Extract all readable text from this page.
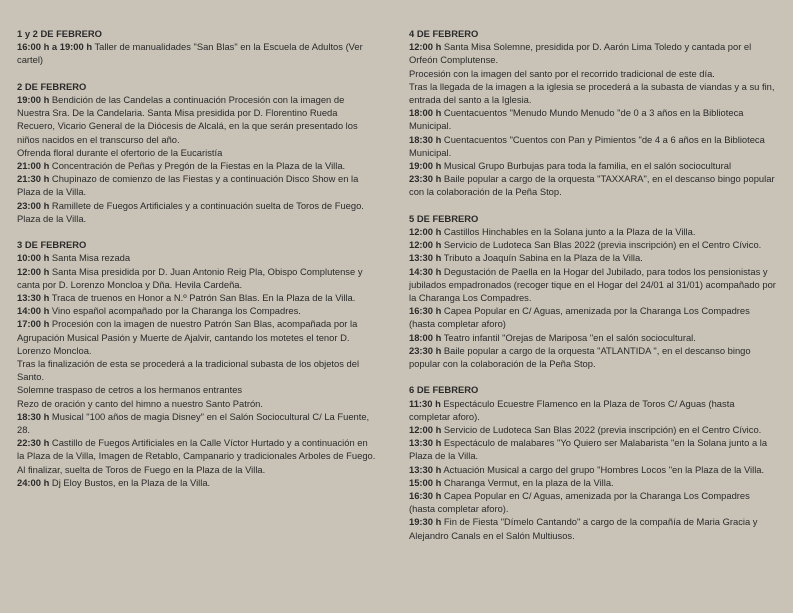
1 y 2 DE FEBRERO
16:00 h a 19:00 h Taller de manualidades "San Blas" en la Escuela de Adultos (Ver cartel)
2 DE FEBRERO
19:00 h Bendición de las Candelas a continuación Procesión con la imagen de Nuestra Sra. De la Candelaria. Santa Misa presidida por D. Florentino Rueda Recuero, Vicario General de la Diócesis de Alcalá, en la que serán presentado los niños nacidos en el transcurso del año.
Ofrenda floral durante el ofertorio de la Eucaristía
21:00 h Concentración de Peñas y Pregón de la Fiestas en la Plaza de la Villa.
21:30 h Chupinazo de comienzo de las Fiestas y a continuación Disco Show en la Plaza de la Villa.
23:00 h Ramillete de Fuegos Artificiales y a continuación suelta de Toros de Fuego. Plaza de la Villa.
3 DE FEBRERO
10:00 h Santa Misa rezada
12:00 h Santa Misa presidida por D. Juan Antonio Reig Pla, Obispo Complutense y canta por D. Lorenzo Moncloa y Dña. Hevila Cardeña.
13:30 h Traca de truenos en Honor a N.º Patrón San Blas. En la Plaza de la Villa.
14:00 h Vino español acompañado por la Charanga los Compadres.
17:00 h Procesión con la imagen de nuestro Patrón San Blas, acompañada por la Agrupación Musical Pasión y Muerte de Ajalvir, cantando los motetes el tenor D. Lorenzo Moncloa.
Tras la finalización de esta se procederá a la tradicional subasta de los objetos del Santo.
Solemne traspaso de cetros a los hermanos entrantes
Rezo de oración y canto del himno a nuestro Santo Patrón.
18:30 h Musical "100 años de magia Disney" en el Salón Sociocultural C/ La Fuente, 28.
22:30 h Castillo de Fuegos Artificiales en la Calle Víctor Hurtado y a continuación en la Plaza de la Villa, Imagen de Retablo, Campanario y tradicionales Arboles de Fuego. Al finalizar, suelta de Toros de Fuego en la Plaza de la Villa.
24:00 h Dj Eloy Bustos, en la Plaza de la Villa.
4 DE FEBRERO
12:00 h Santa Misa Solemne, presidida por D. Aarón Lima Toledo y cantada por el Orfeón Complutense.
Procesión con la imagen del santo por el recorrido tradicional de este día.
Tras la llegada de la imagen a la iglesia se procederá a la subasta de viandas y a su fin, entrada del santo a la Iglesia.
18:00 h Cuentacuentos "Menudo Mundo Menudo "de 0 a 3 años en la Biblioteca Municipal.
18:30 h Cuentacuentos "Cuentos con Pan y Pimientos "de 4 a 6 años en la Biblioteca Municipal.
19:00 h Musical Grupo Burbujas para toda la familia, en el salón sociocultural
23:30 h Baile popular a cargo de la orquesta "TAXXARA", en el descanso bingo popular con la colaboración de la Peña Stop.
5 DE FEBRERO
12:00 h Castillos Hinchables en la Solana junto a la Plaza de la Villa.
12:00 h Servicio de Ludoteca San Blas 2022 (previa inscripción) en el Centro Cívico.
13:30 h Tributo a Joaquín Sabina en la Plaza de la Villa.
14:30 h Degustación de Paella en la Hogar del Jubilado, para todos los pensionistas y jubilados empadronados (recoger tique en el Hogar del 24/01 al 31/01) acompañado por la Charanga Los Compadres.
16:30 h Capea Popular en C/ Aguas, amenizada por la Charanga Los Compadres (hasta completar aforo)
18:00 h Teatro infantil "Orejas de Mariposa "en el salón sociocultural.
23:30 h Baile popular a cargo de la orquesta "ATLANTIDA ", en el descanso bingo popular con la colaboración de la Peña Stop.
6 DE FEBRERO
11:30 h Espectáculo Ecuestre Flamenco en la Plaza de Toros C/ Aguas (hasta completar aforo).
12:00 h Servicio de Ludoteca San Blas 2022 (previa inscripción) en el Centro Cívico.
13:30 h Espectáculo de malabares "Yo Quiero ser Malabarista "en la Solana junto a la Plaza de la Villa.
13:30 h Actuación Musical a cargo del grupo "Hombres Locos "en la Plaza de la Villa.
15:00 h Charanga Vermut, en la plaza de la Villa.
16:30 h Capea Popular en C/ Aguas, amenizada por la Charanga Los Compadres (hasta completar aforo).
19:30 h Fin de Fiesta "Dímelo Cantando" a cargo de la compañía de Maria Gracia y Alejandro Canals en el Salón Multiusos.
